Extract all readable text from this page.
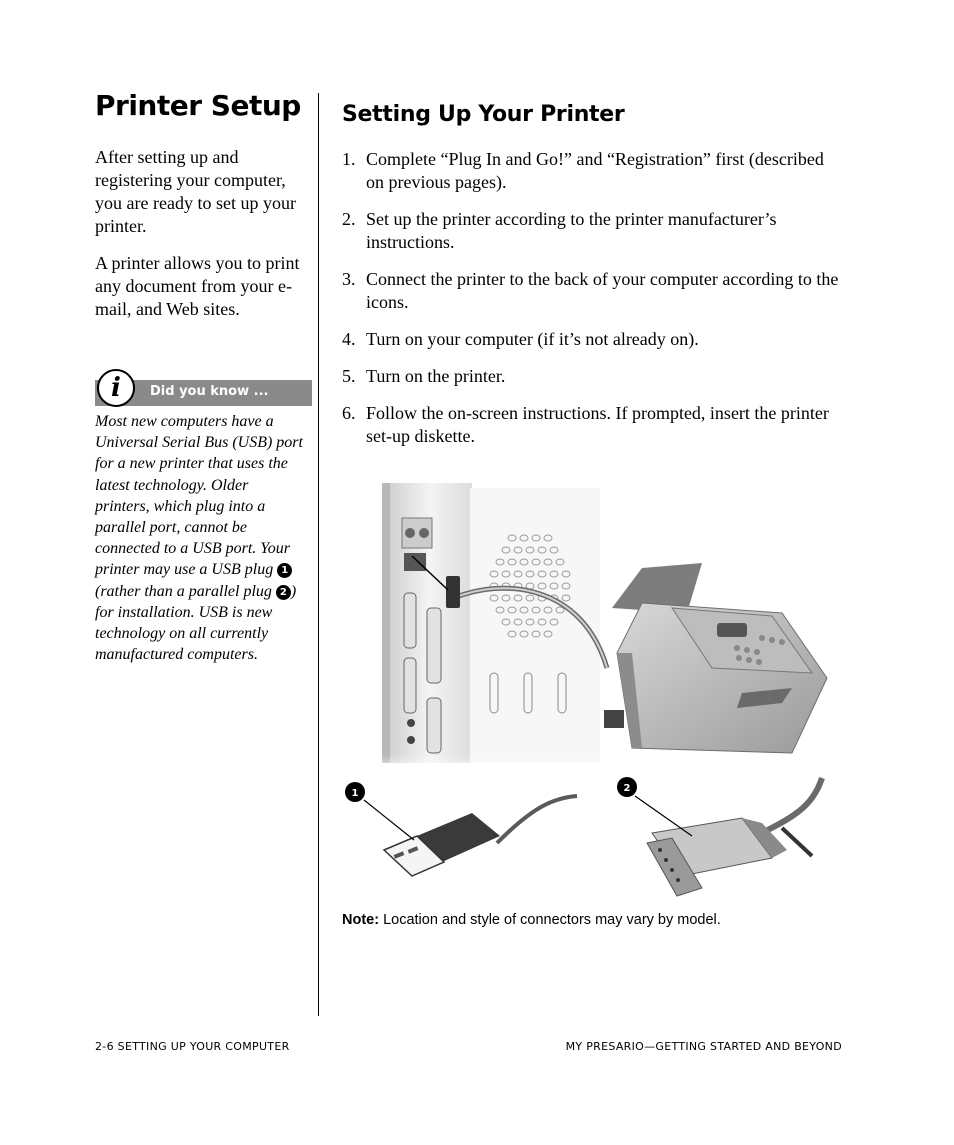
Printer Setup

After setting up and registering your computer, you are ready to set up your printer.

A printer allows you to print any document from your e-mail, and Web sites.

i	Did you know ...
Most new computers have a Universal Serial Bus (USB) port for a new printer that uses the latest technology. Older printers, which plug into a parallel port, cannot be connected to a USB port. Your printer may use a USB plug 1 (rather than a parallel plug 2 ) for installation. USB is new technology on all currently manufactured computers.
Setting Up Your Printer
1. Complete “Plug In and Go!” and “Registration” first (described on previous pages).
2. Set up the printer according to the printer manufacturer’s instructions.
3. Connect the printer to the back of your computer according to the icons.
4. Turn on your computer (if it’s not already on).
5. Turn on the printer.
6. Follow the on-screen instructions. If prompted, insert the printer set-up diskette.
1	2
Note: Location and style of connectors may vary by model.
2-6 SETTING UP YOUR COMPUTER	MY PRESARIO—GETTING STARTED AND BEYOND
